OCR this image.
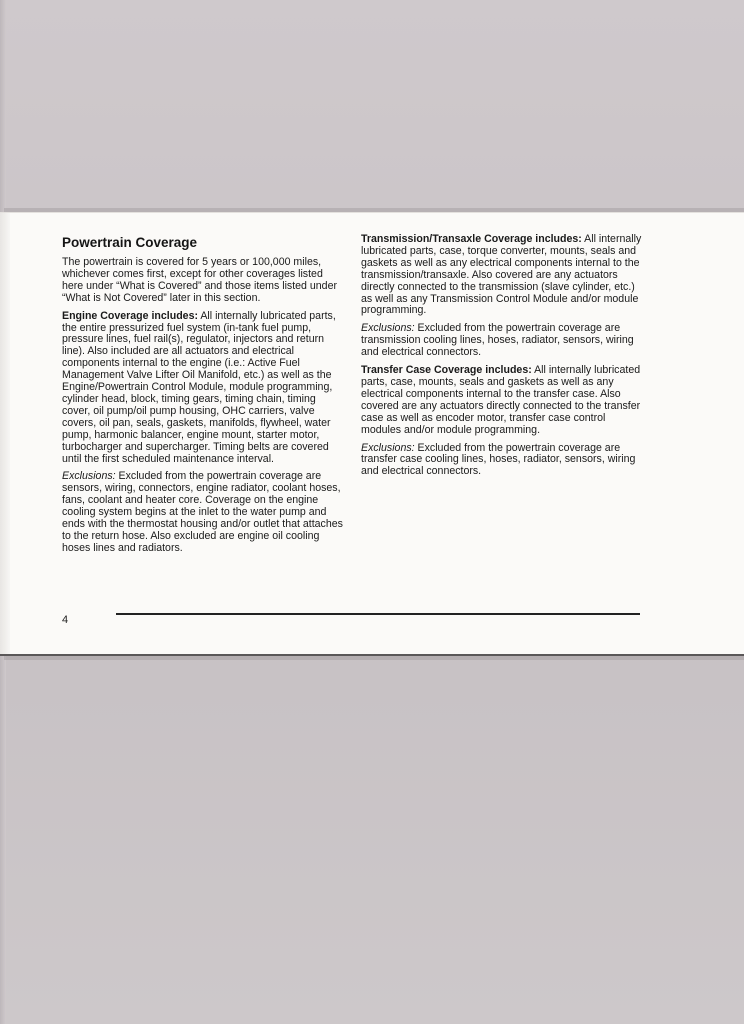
Powertrain Coverage

The powertrain is covered for 5 years or 100,000 miles, whichever comes first, except for other coverages listed here under “What is Covered” and those items listed under “What is Not Covered” later in this section.

Engine Coverage includes: All internally lubricated parts, the entire pressurized fuel system (in-tank fuel pump, pressure lines, fuel rail(s), regulator, injectors and return line). Also included are all actuators and electrical components internal to the engine (i.e.: Active Fuel Management Valve Lifter Oil Manifold, etc.) as well as the Engine/Powertrain Control Module, module programming, cylinder head, block, timing gears, timing chain, timing cover, oil pump/oil pump housing, OHC carriers, valve covers, oil pan, seals, gaskets, manifolds, flywheel, water pump, harmonic balancer, engine mount, starter motor, turbocharger and supercharger. Timing belts are covered until the first scheduled maintenance interval.

Exclusions: Excluded from the powertrain coverage are sensors, wiring, connectors, engine radiator, coolant hoses, fans, coolant and heater core. Coverage on the engine cooling system begins at the inlet to the water pump and ends with the thermostat housing and/or outlet that attaches to the return hose. Also excluded are engine oil cooling hoses lines and radiators.

Transmission/Transaxle Coverage includes: All internally lubricated parts, case, torque converter, mounts, seals and gaskets as well as any electrical components internal to the transmission/transaxle. Also covered are any actuators directly connected to the transmission (slave cylinder, etc.) as well as any Transmission Control Module and/or module programming.

Exclusions: Excluded from the powertrain coverage are transmission cooling lines, hoses, radiator, sensors, wiring and electrical connectors.

Transfer Case Coverage includes: All internally lubricated parts, case, mounts, seals and gaskets as well as any electrical components internal to the transfer case. Also covered are any actuators directly connected to the transfer case as well as encoder motor, transfer case control modules and/or module programming.

Exclusions: Excluded from the powertrain coverage are transfer case cooling lines, hoses, radiator, sensors, wiring and electrical connectors.

4
